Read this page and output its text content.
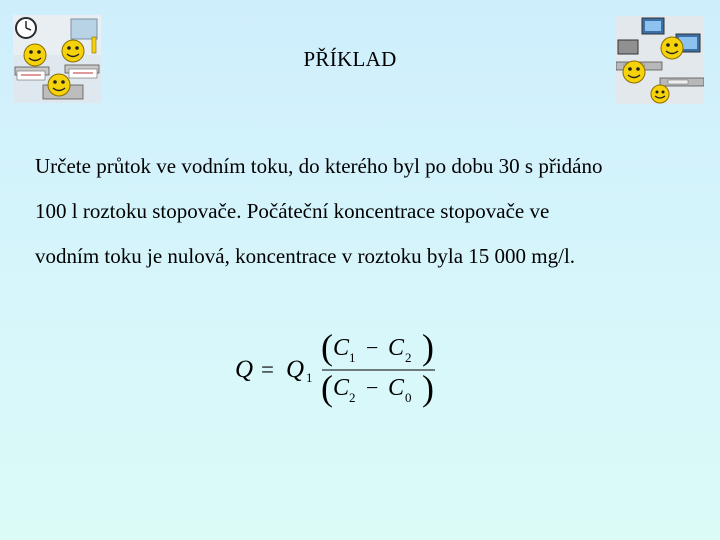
PŘÍKLAD

Určete průtok ve vodním toku, do kterého byl po dobu 30 s přidáno

100 l roztoku stopovače. Počáteční koncentrace stopovače ve

vodním toku je nulová, koncentrace v roztoku byla 15 000 mg/l.

Q = Q 1
( C 1 − C 2 )
( C 2 − C 0 )
